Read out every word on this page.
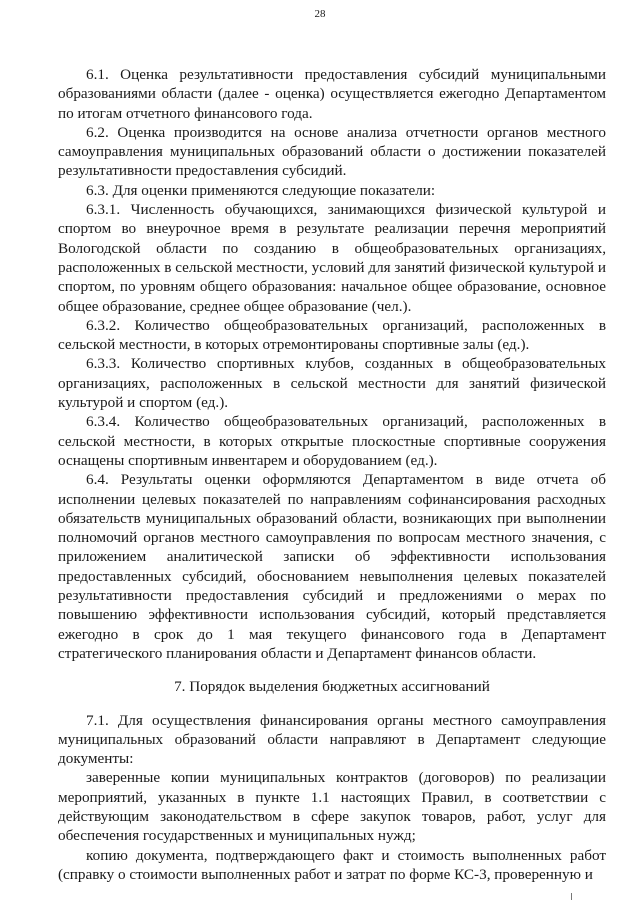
28

6.1. Оценка результативности предоставления субсидий муниципальными образованиями области (далее - оценка) осуществляется ежегодно Департаментом по итогам отчетного финансового года.

6.2. Оценка производится на основе анализа отчетности органов местного самоуправления муниципальных образований области о достижении показателей результативности предоставления субсидий.

6.3. Для оценки применяются следующие показатели:

6.3.1. Численность обучающихся, занимающихся физической культурой и спортом во внеурочное время в результате реализации перечня мероприятий Вологодской области по созданию в общеобразовательных организациях, расположенных в сельской местности, условий для занятий физической культурой и спортом, по уровням общего образования: начальное общее образование, основное общее образование, среднее общее образование (чел.).

6.3.2. Количество общеобразовательных организаций, расположенных в сельской местности, в которых отремонтированы спортивные залы (ед.).

6.3.3. Количество спортивных клубов, созданных в общеобразовательных организациях, расположенных в сельской местности для занятий физической культурой и спортом (ед.).

6.3.4. Количество общеобразовательных организаций, расположенных в сельской местности, в которых открытые плоскостные спортивные сооружения оснащены спортивным инвентарем и оборудованием (ед.).

6.4. Результаты оценки оформляются Департаментом в виде отчета об исполнении целевых показателей по направлениям софинансирования расходных обязательств муниципальных образований области, возникающих при выполнении полномочий органов местного самоуправления по вопросам местного значения, с приложением аналитической записки об эффективности использования предоставленных субсидий, обоснованием невыполнения целевых показателей результативности предоставления субсидий и предложениями о мерах по повышению эффективности использования субсидий, который представляется ежегодно в срок до 1 мая текущего финансового года в Департамент стратегического планирования области и Департамент финансов области.

7. Порядок выделения бюджетных ассигнований

7.1. Для осуществления финансирования органы местного самоуправления муниципальных образований области направляют в Департамент следующие документы:

заверенные копии муниципальных контрактов (договоров) по реализации мероприятий, указанных в пункте 1.1 настоящих Правил, в соответствии с действующим законодательством в сфере закупок товаров, работ, услуг для обеспечения государственных и муниципальных нужд;

копию документа, подтверждающего факт и стоимость выполненных работ (справку о стоимости выполненных работ и затрат по форме КС-3, проверенную и
